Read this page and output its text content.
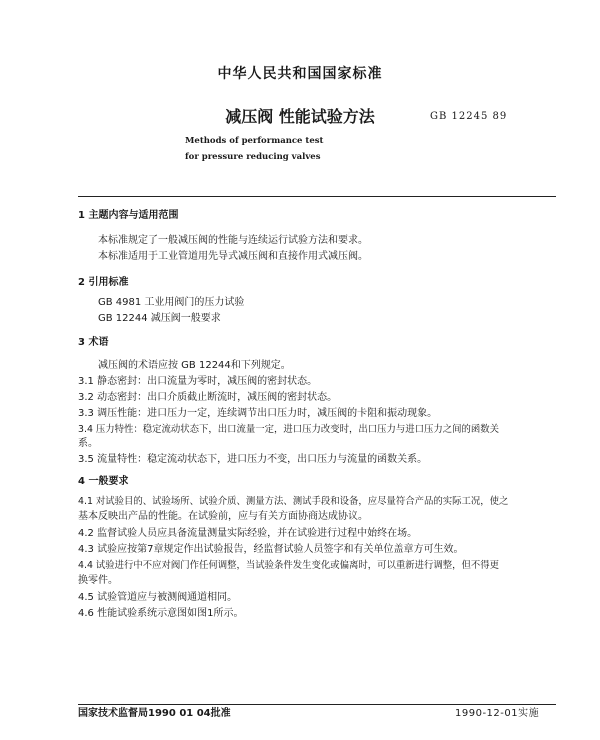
中华人民共和国国家标准
减压阀 性能试验方法	GB 12245 89
Methods of performance test
for pressure reducing valves
1 主题内容与适用范围
本标准规定了一般减压阀的性能与连续运行试验方法和要求。
本标准适用于工业管道用先导式减压阀和直接作用式减压阀。
2 引用标准
GB 4981 工业用阀门的压力试验
GB 12244 减压阀一般要求
3 术语
减压阀的术语应按 GB 12244和下列规定。
3.1 静态密封：出口流量为零时，减压阀的密封状态。
3.2 动态密封：出口介质截止断流时，减压阀的密封状态。
3.3 调压性能：进口压力一定，连续调节出口压力时，减压阀的卡阻和振动现象。
3.4 压力特性：稳定流动状态下，出口流量一定，进口压力改变时，出口压力与进口压力之间的函数关
系。
3.5 流量特性：稳定流动状态下，进口压力不变，出口压力与流量的函数关系。
4 一般要求
4.1 对试验目的、试验场所、试验介质、测量方法、测试手段和设备，应尽量符合产品的实际工况，使之
基本反映出产品的性能。在试验前，应与有关方面协商达成协议。
4.2 监督试验人员应具备流量测量实际经验，并在试验进行过程中始终在场。
4.3 试验应按第7章规定作出试验报告，经监督试验人员签字和有关单位盖章方可生效。
4.4 试验进行中不应对阀门作任何调整，当试验条件发生变化或偏离时，可以重新进行调整，但不得更
换零件。
4.5 试验管道应与被测阀通道相同。
4.6 性能试验系统示意图如图1所示。
国家技术监督局1990 01 04批准	1990-12-01实施
